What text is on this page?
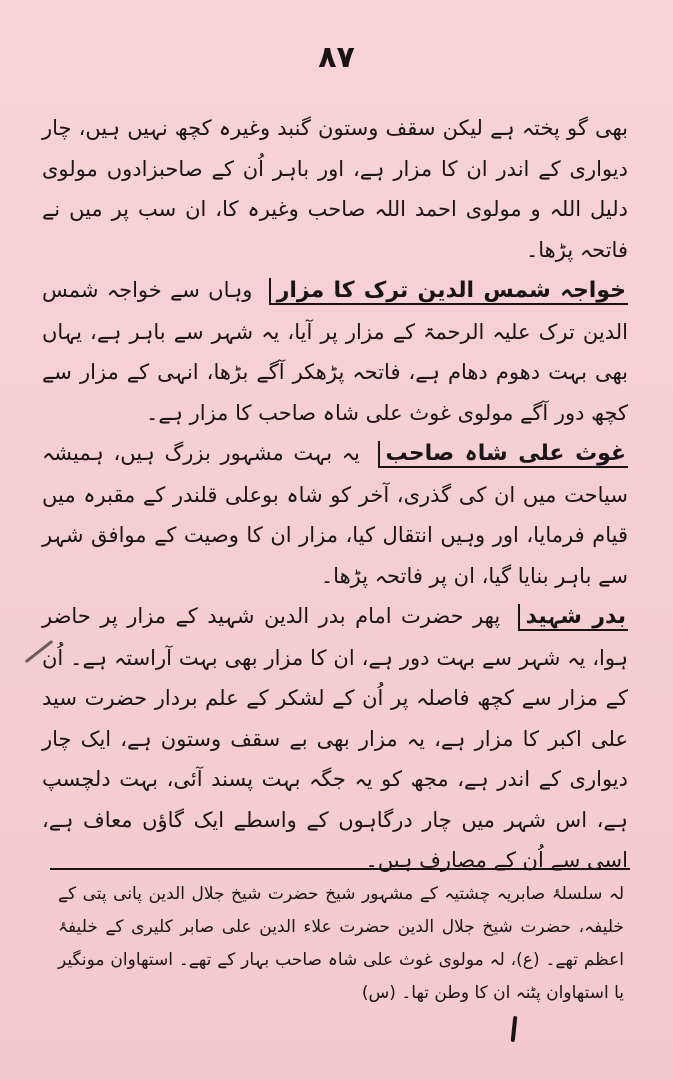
۸۷

بھی گو پختہ ہے لیکن سقف وستون گنبد وغیرہ کچھ نہیں ہیں، چار دیواری کے اندر ان کا مزار ہے، اور باہر اُن کے صاحبزادوں مولوی دلیل اللہ و مولوی احمد اللہ صاحب وغیرہ کا، ان سب پر میں نے فاتحہ پڑھا۔

خواجہ شمس الدین ترک کا مزار وہاں سے خواجہ شمس الدین ترک علیہ الرحمۃ کے مزار پر آیا، یہ شہر سے باہر ہے، یہاں بھی بہت دھوم دھام ہے، فاتحہ پڑھکر آگے بڑھا، انہی کے مزار سے کچھ دور آگے مولوی غوث علی شاہ صاحب کا مزار ہے۔

غوث علی شاہ صاحب یہ بہت مشہور بزرگ ہیں، ہمیشہ سیاحت میں ان کی گذری، آخر کو شاہ بوعلی قلندر کے مقبرہ میں قیام فرمایا، اور وہیں انتقال کیا، مزار ان کا وصیت کے موافق شہر سے باہر بنایا گیا، ان پر فاتحہ پڑھا۔

بدر شہید پھر حضرت امام بدر الدین شہید کے مزار پر حاضر ہوا، یہ شہر سے بہت دور ہے، ان کا مزار بھی بہت آراستہ ہے۔ اُن کے مزار سے کچھ فاصلہ پر اُن کے لشکر کے علم بردار حضرت سید علی اکبر کا مزار ہے، یہ مزار بھی بے سقف وستون ہے، ایک چار دیواری کے اندر ہے، مجھ کو یہ جگہ بہت پسند آئی، بہت دلچسپ ہے، اس شہر میں چار درگاہوں کے واسطے ایک گاؤں معاف ہے، اسی سے اُن کے مصارف ہیں۔

لہ سلسلۂ صابریہ چشتیہ کے مشہور شیخ حضرت شیخ جلال الدین پانی پتی کے خلیفہ، حضرت شیخ جلال الدین حضرت علاء الدین علی صابر کلیری کے خلیفۂ اعظم تھے۔ (ع)، لہ مولوی غوث علی شاہ صاحب بہار کے تھے۔ استھاوان مونگیر یا استھاوان پٹنہ ان کا وطن تھا۔ (س)
